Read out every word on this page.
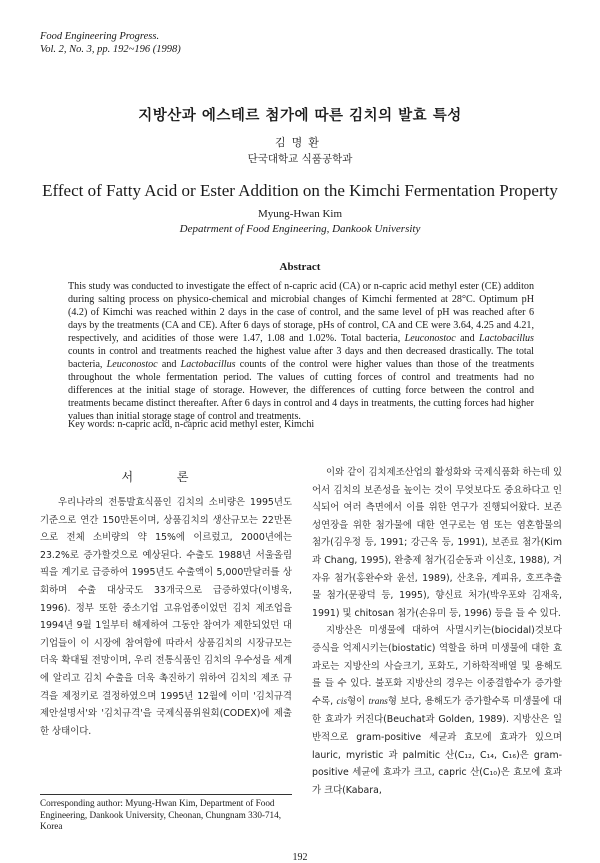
Food Engineering Progress.
Vol. 2, No. 3, pp. 192~196 (1998)
지방산과 에스테르 첨가에 따른 김치의 발효 특성
김명환
단국대학교 식품공학과
Effect of Fatty Acid or Ester Addition on the Kimchi Fermentation Property
Myung-Hwan Kim
Depatrment of Food Engineering, Dankook University
Abstract

This study was conducted to investigate the effect of n-capric acid (CA) or n-capric acid methyl ester (CE) additon during salting process on physico-chemical and microbial changes of Kimchi fermented at 28°C. Optimum pH (4.2) of Kimchi was reached within 2 days in the case of control, and the same level of pH was reached after 6 days by the treatments (CA and CE). After 6 days of storage, pHs of control, CA and CE were 3.64, 4.25 and 4.21, respectively, and acidities of those were 1.47, 1.08 and 1.02%. Total bacteria, Leuconostoc and Lactobacillus counts in control and treatments reached the highest value after 3 days and then decreased drastically. The total bacteria, Leuconostoc and Lactobacillus counts of the control were higher values than those of the treatments throughout the whole fermentation period. The values of cutting forces of control and treatments had no differences at the initial stage of storage. However, the differences of cutting force between the control and treatments became distinct thereafter. After 6 days in control and 4 days in treatments, the cutting forces had higher values than initial storage stage of control and treatments.

Key words: n-capric acid, n-capric acid methyl ester, Kimchi

서 론

우리나라의 전통발효식품인 김치의 소비량은 1995년도 기준으로 연간 150만톤이며, 상품김치의 생산규모는 22만톤으로 전체 소비량의 약 15%에 이르렀고, 2000년에는 23.2%로 증가할것으로 예상된다. 수출도 1988년 서울올림픽을 계기로 급증하여 1995년도 수출액이 5,000만달러를 상회하며 수출 대상국도 33개국으로 급증하였다(이병욱, 1996). 정부 또한 중소기업 고유업종이었던 김치 제조업을 1994년 9월 1일부터 해제하여 그동안 참여가 제한되었던 대기업들이 이 시장에 참여함에 따라서 상품김치의 시장규모는 더욱 확대될 전망이며, 우리 전통식품인 김치의 우수성을 세계에 알리고 김치 수출을 더욱 촉진하기 위하여 김치의 제조 규격을 제정키로 결정하였으며 1995년 12월에 이미 '김치규격제안설명서'와 '김치규격'을 국제식품위원회(CODEX)에 제출한 상태이다.

이와 같이 김치제조산업의 활성화와 국제식품화 하는데 있어서 김치의 보존성을 높이는 것이 무엇보다도 중요하다고 인식되어 여러 측면에서 이를 위한 연구가 진행되어왔다. 보존성연장을 위한 첨가물에 대한 연구로는 염 또는 염혼합물의 첨가(김우정 등, 1991; 강근옥 등, 1991), 보존료 첨가(Kim과 Chang, 1995), 완충제 첨가(김순동과 이신호, 1988), 겨자유 첨가(홍완수와 윤선, 1989), 산초유, 계피유, 호프추출물 첨가(문광덕 등, 1995), 향신료 처가(박우포와 김재욱, 1991) 및 chitosan 첨가(손유미 등, 1996) 등을 들 수 있다.

지방산은 미생물에 대하여 사멸시키는(biocidal)것보다 증식을 억제시키는(biostatic) 역할을 하며 미생물에 대한 효과로는 지방산의 사슬크기, 포화도, 기하학적배열 및 용해도를 들 수 있다. 불포화 지방산의 경우는 이중결합수가 증가할수록, cis형이 trans형 보다, 용해도가 증가할수록 미생물에 대한 효과가 커진다(Beuchat과 Golden, 1989). 지방산은 일반적으로 gram-positive 세균과 효모에 효과가 있으며 lauric, myristic 과 palmitic 산(C₁₂, C₁₄, C₁₆)은 gram-positive 세균에 효과가 크고, capric 산(C₁₀)은 효모에 효과가 크다(Kabara,

Corresponding author: Myung-Hwan Kim, Department of Food Engineering, Dankook University, Cheonan, Chungnam 330-714, Korea

192
